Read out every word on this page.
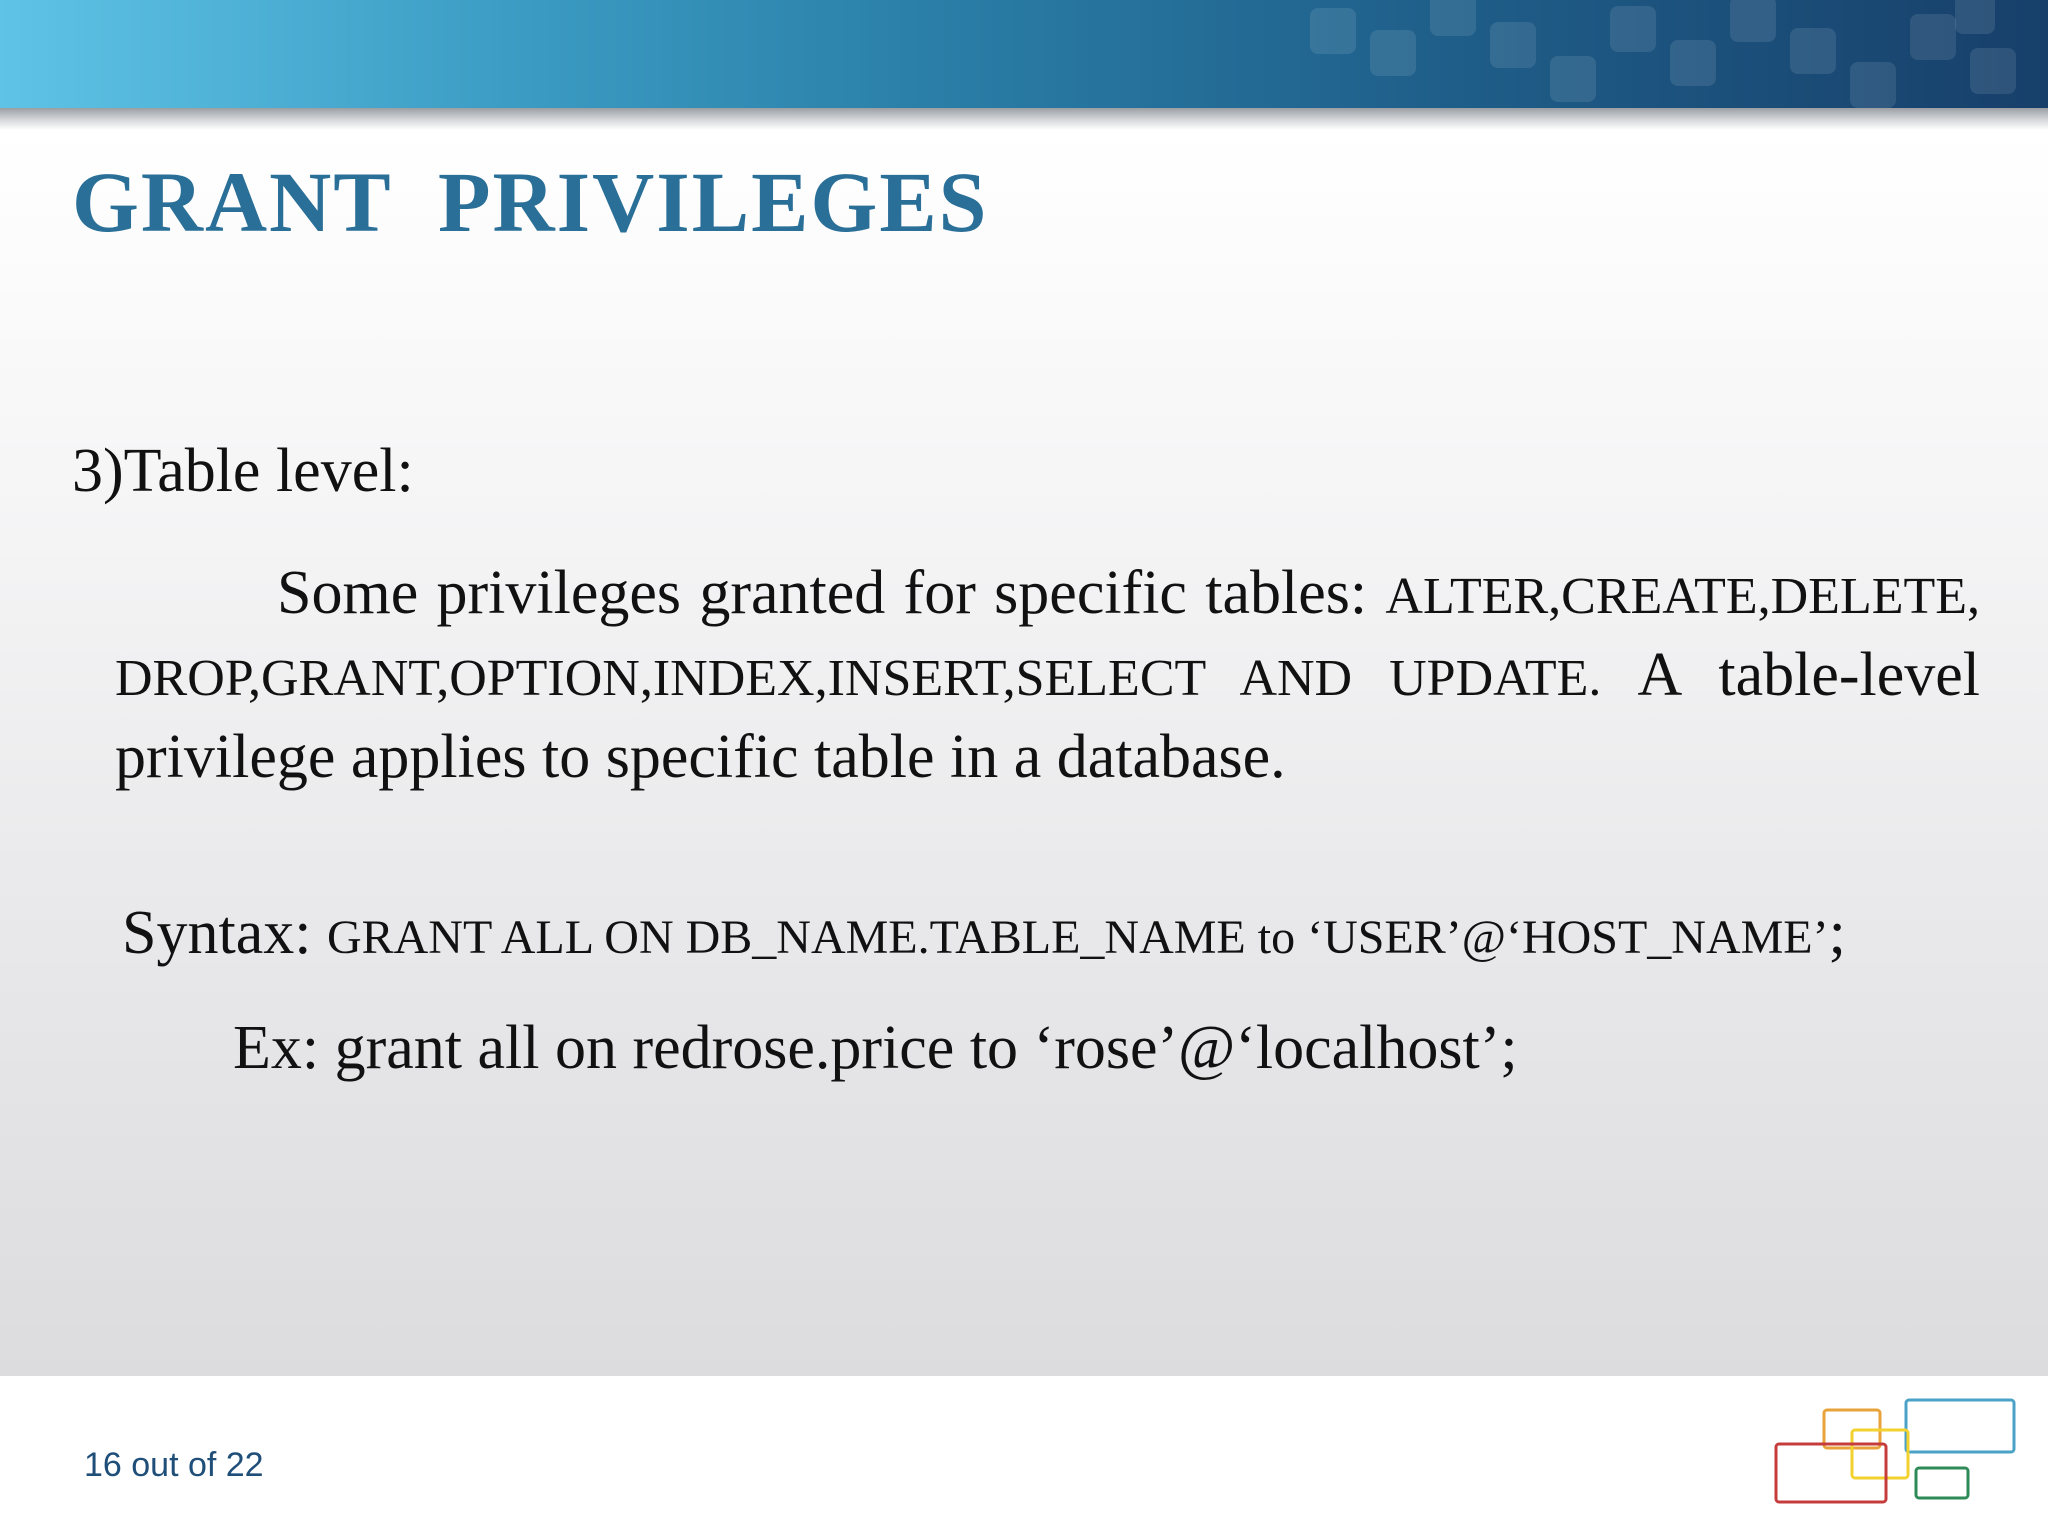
GRANT  PRIVILEGES
3)Table level:
Some privileges granted for specific tables: ALTER,CREATE,DELETE,DROP,GRANT,OPTION,INDEX,INSERT,SELECT AND UPDATE. A table-level privilege applies to specific table in a database.
Syntax: GRANT ALL ON DB_NAME.TABLE_NAME to ‘USER’@‘HOST_NAME’;
Ex: grant all on redrose.price to ‘rose’@‘localhost’;
16 out of 22
